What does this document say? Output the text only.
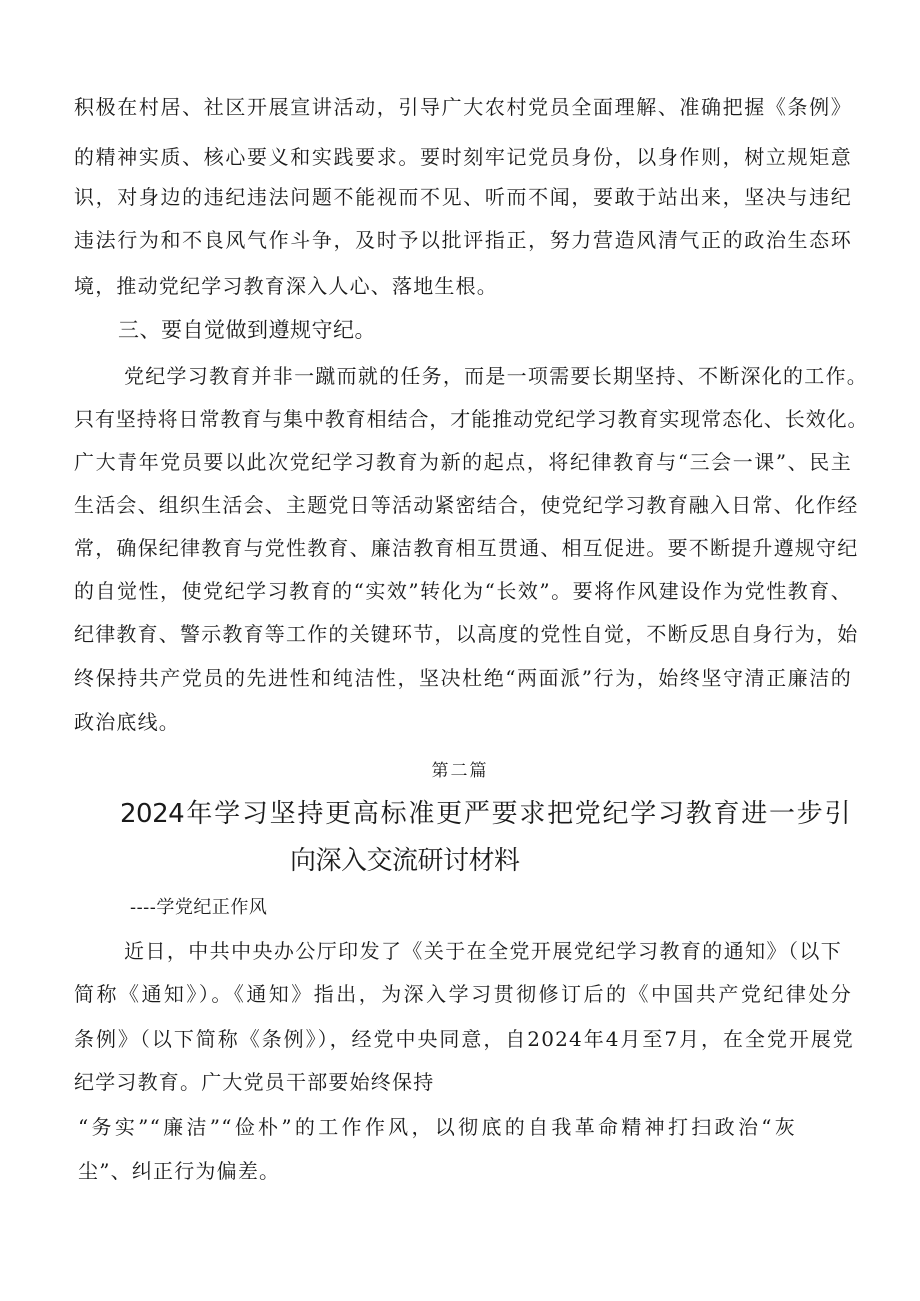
积极在村居、社区开展宣讲活动，引导广大农村党员全面理解、准确把握《条例》
的精神实质、核心要义和实践要求。要时刻牢记党员身份，以身作则，树立规矩意
识，对身边的违纪违法问题不能视而不见、听而不闻，要敢于站出来，坚决与违纪
违法行为和不良风气作斗争，及时予以批评指正，努力营造风清气正的政治生态环
境，推动党纪学习教育深入人心、落地生根。
三、要自觉做到遵规守纪。
党纪学习教育并非一蹴而就的任务，而是一项需要长期坚持、不断深化的工作。
只有坚持将日常教育与集中教育相结合，才能推动党纪学习教育实现常态化、长效化。
广大青年党员要以此次党纪学习教育为新的起点，将纪律教育与“三会一课”、民主
生活会、组织生活会、主题党日等活动紧密结合，使党纪学习教育融入日常、化作经
常，确保纪律教育与党性教育、廉洁教育相互贯通、相互促进。要不断提升遵规守纪
的自觉性，使党纪学习教育的“实效”转化为“长效”。要将作风建设作为党性教育、
纪律教育、警示教育等工作的关键环节，以高度的党性自觉，不断反思自身行为，始
终保持共产党员的先进性和纯洁性，坚决杜绝“两面派”行为，始终坚守清正廉洁的
政治底线。
第二篇
2024年学习坚持更高标准更严要求把党纪学习教育进一步引
向深入交流研讨材料
----学党纪正作风
近日，中共中央办公厅印发了《关于在全党开展党纪学习教育的通知》（以下
简称《通知》）。《通知》指出，为深入学习贯彻修订后的《中国共产党纪律处分
条例》（以下简称《条例》），经党中央同意，自2024年4月至7月，在全党开展党
纪学习教育。广大党员干部要始终保持
“务实”“廉洁”“俭朴”的工作作风，以彻底的自我革命精神打扫政治“灰
尘”、纠正行为偏差。
